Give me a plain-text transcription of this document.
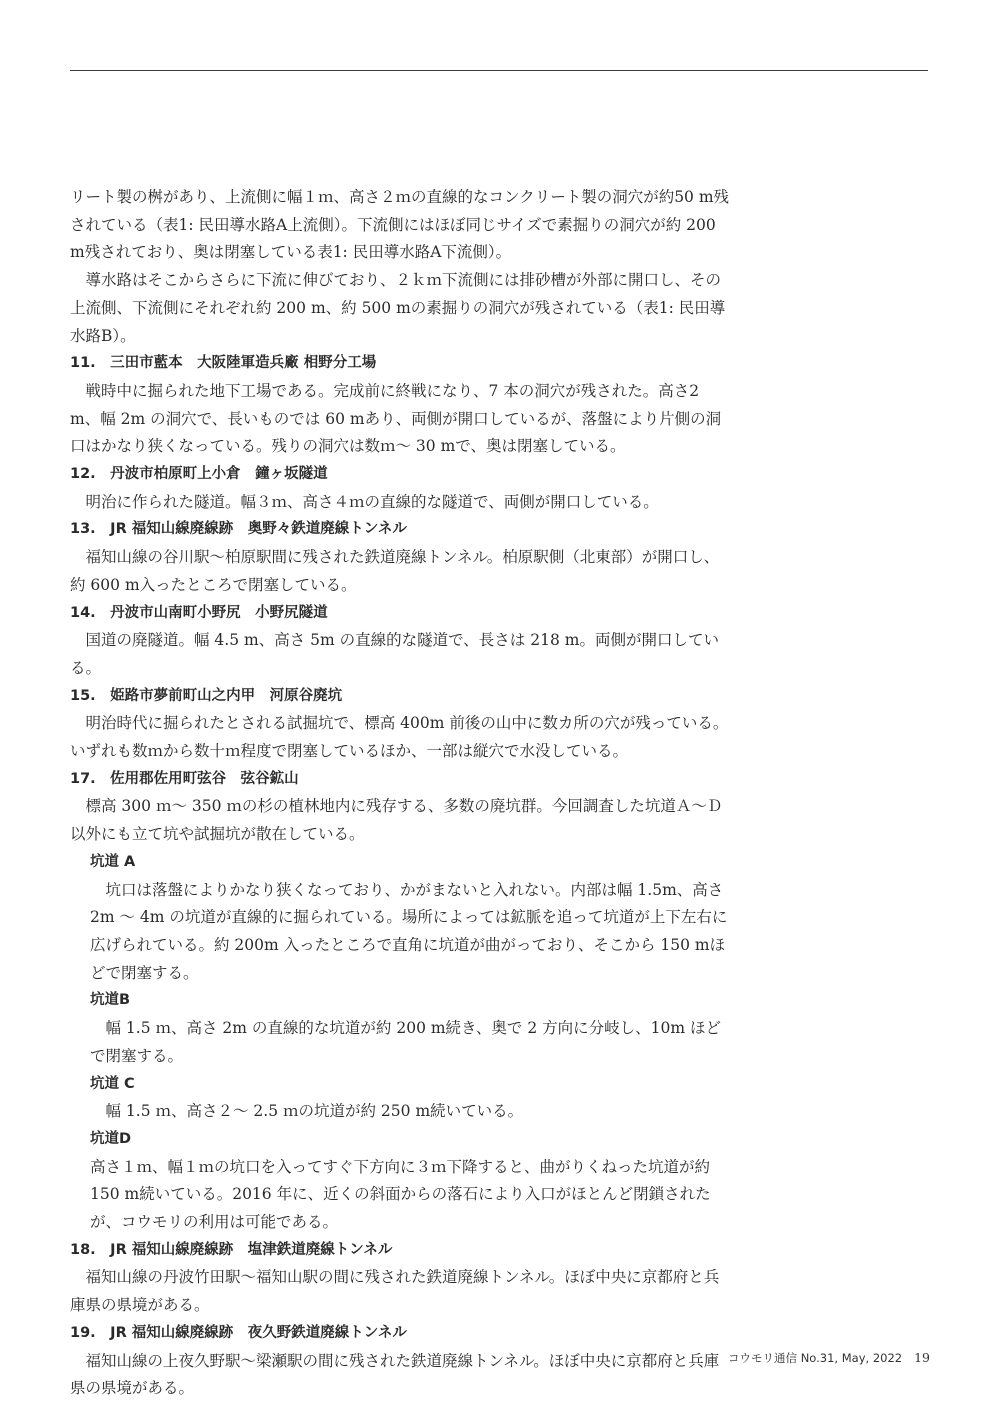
リート製の桝があり、上流側に幅１ｍ、高さ２ｍの直線的なコンクリート製の洞穴が約50 m残されている（表1: 民田導水路A上流側）。下流側にはほぼ同じサイズで素掘りの洞穴が約 200 m残されており、奥は閉塞している表1: 民田導水路A下流側）。

導水路はそこからさらに下流に伸びており、２ｋｍ下流側には排砂槽が外部に開口し、その上流側、下流側にそれぞれ約 200 m、約 500 mの素掘りの洞穴が残されている（表1: 民田導水路B）。

11.　三田市藍本　大阪陸軍造兵廠 相野分工場

戦時中に掘られた地下工場である。完成前に終戦になり、7 本の洞穴が残された。高さ2 m、幅 2m の洞穴で、長いものでは 60 mあり、両側が開口しているが、落盤により片側の洞口はかなり狭くなっている。残りの洞穴は数ｍ～ 30 mで、奥は閉塞している。

12.　丹波市柏原町上小倉　鐘ヶ坂隧道

明治に作られた隧道。幅３ｍ、高さ４ｍの直線的な隧道で、両側が開口している。

13.　JR 福知山線廃線跡　奥野々鉄道廃線トンネル

福知山線の谷川駅～柏原駅間に残された鉄道廃線トンネル。柏原駅側（北東部）が開口し、約 600 m入ったところで閉塞している。

14.　丹波市山南町小野尻　小野尻隧道

国道の廃隧道。幅 4.5 m、高さ 5m の直線的な隧道で、長さは 218 m。両側が開口している。

15.　姫路市夢前町山之内甲　河原谷廃坑

明治時代に掘られたとされる試掘坑で、標高 400m 前後の山中に数カ所の穴が残っている。いずれも数ｍから数十ｍ程度で閉塞しているほか、一部は縦穴で水没している。

17.　佐用郡佐用町弦谷　弦谷鉱山

標高 300 ｍ～ 350 ｍの杉の植林地内に残存する、多数の廃坑群。今回調査した坑道Ａ～Ｄ以外にも立て坑や試掘坑が散在している。

坑道 A

坑口は落盤によりかなり狭くなっており、かがまないと入れない。内部は幅 1.5m、高さ 2m ～ 4m の坑道が直線的に掘られている。場所によっては鉱脈を追って坑道が上下左右に広げられている。約 200m 入ったところで直角に坑道が曲がっており、そこから 150 mほどで閉塞する。

坑道B

幅 1.5 ｍ、高さ 2m の直線的な坑道が約 200 m続き、奥で 2 方向に分岐し、10m ほどで閉塞する。

坑道 C

幅 1.5 ｍ、高さ２～ 2.5 ｍの坑道が約 250 m続いている。

坑道D

高さ１ｍ、幅１ｍの坑口を入ってすぐ下方向に３ｍ下降すると、曲がりくねった坑道が約 150 m続いている。2016 年に、近くの斜面からの落石により入口がほとんど閉鎖されたが、コウモリの利用は可能である。

18.　JR 福知山線廃線跡　塩津鉄道廃線トンネル

福知山線の丹波竹田駅～福知山駅の間に残された鉄道廃線トンネル。ほぼ中央に京都府と兵庫県の県境がある。

19.　JR 福知山線廃線跡　夜久野鉄道廃線トンネル

福知山線の上夜久野駅～梁瀬駅の間に残された鉄道廃線トンネル。ほぼ中央に京都府と兵庫県の県境がある。

コウモリ通信 No.31, May, 2022 19
